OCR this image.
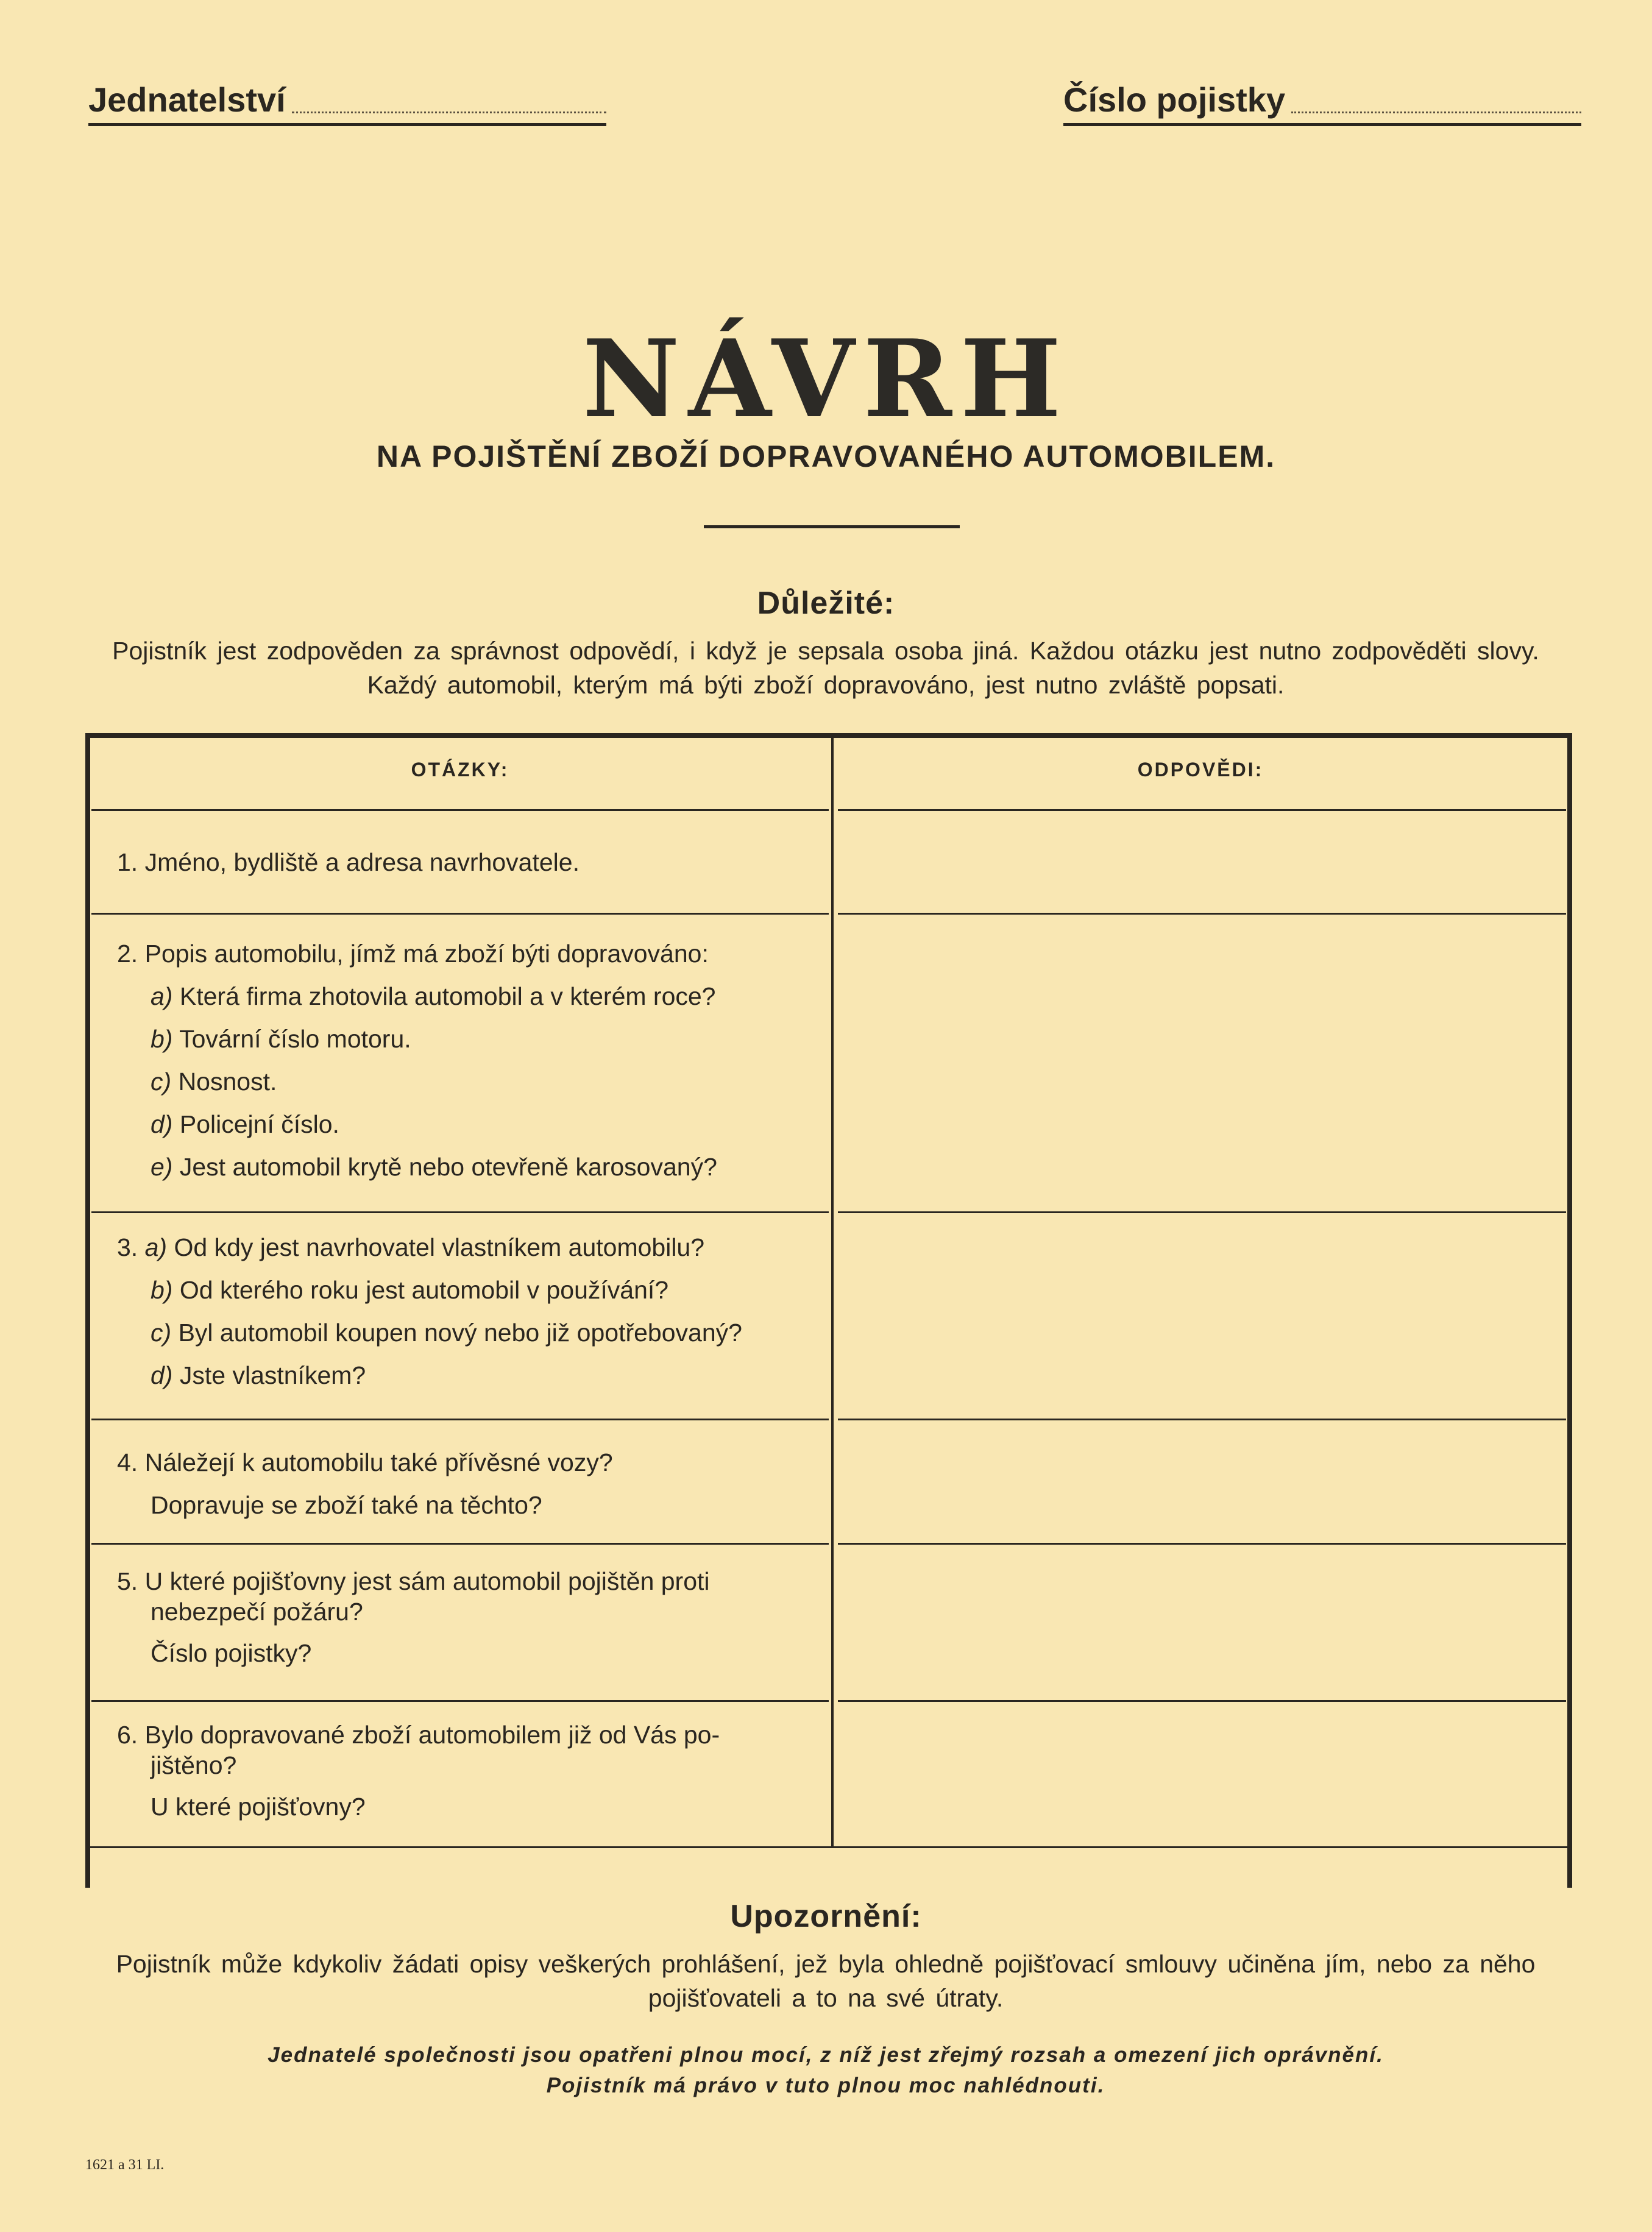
Jednatelství	Číslo pojistky
NÁVRH
NA POJIŠTĚNÍ ZBOŽÍ DOPRAVOVANÉHO AUTOMOBILEM.
Důležité:
Pojistník jest zodpověden za správnost odpovědí, i když je sepsala osoba jiná. Každou otázku jest nutno zodpověděti slovy.
Každý automobil, kterým má býti zboží dopravováno, jest nutno zvláště popsati.
OTÁZKY:	ODPOVĚDI:
1. Jméno, bydliště a adresa navrhovatele.
2. Popis automobilu, jímž má zboží býti dopravováno:
a) Která firma zhotovila automobil a v kterém roce?
b) Tovární číslo motoru.
c) Nosnost.
d) Policejní číslo.
e) Jest automobil krytě nebo otevřeně karosovaný?
3. a) Od kdy jest navrhovatel vlastníkem automobilu?
b) Od kterého roku jest automobil v používání?
c) Byl automobil koupen nový nebo již opotřebovaný?
d) Jste vlastníkem?
4. Náležejí k automobilu také přívěsné vozy?
Dopravuje se zboží také na těchto?
5. U které pojišťovny jest sám automobil pojištěn proti
nebezpečí požáru?
Číslo pojistky?
6. Bylo dopravované zboží automobilem již od Vás po-
jištěno?
U které pojišťovny?
Upozornění:
Pojistník může kdykoliv žádati opisy veškerých prohlášení, jež byla ohledně pojišťovací smlouvy učiněna jím, nebo za něho
pojišťovateli a to na své útraty.
Jednatelé společnosti jsou opatřeni plnou mocí, z níž jest zřejmý rozsah a omezení jich oprávnění.
Pojistník má právo v tuto plnou moc nahlédnouti.
1621 a 31 LI.
